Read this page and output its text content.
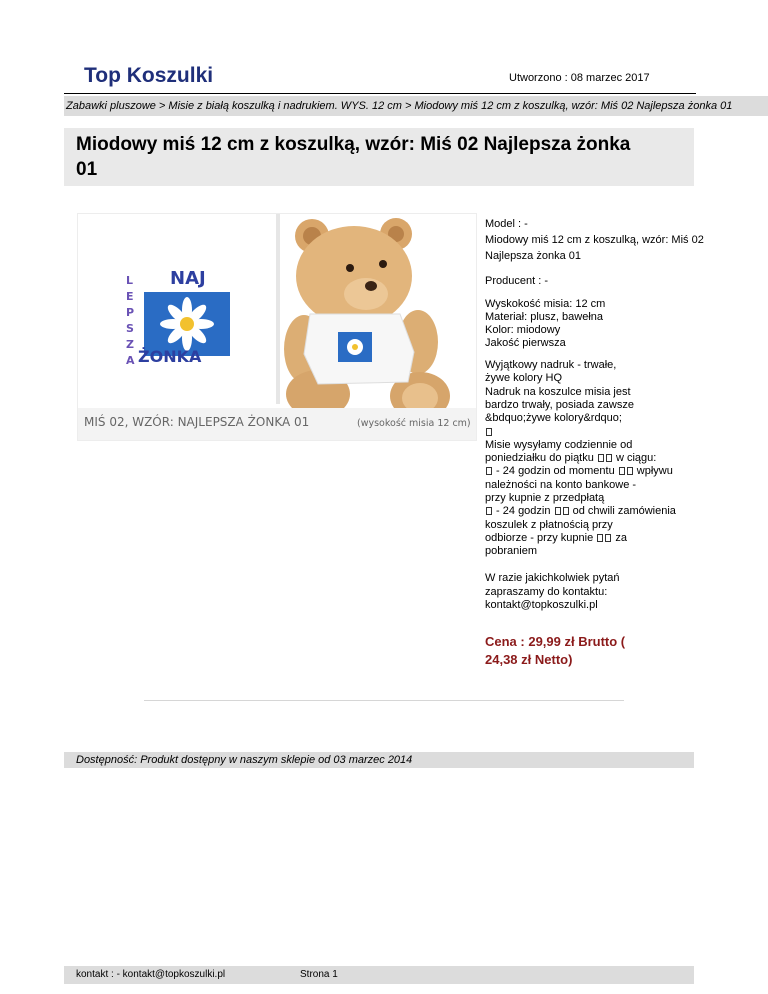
Top Koszulki	Utworzono : 08 marzec 2017
Zabawki pluszowe > Misie z białą koszulką i nadrukiem. WYS. 12 cm > Miodowy miś 12 cm z koszulką, wzór: Miś 02 Najlepsza żonka 01
Miodowy miś 12 cm z koszulką, wzór: Miś 02 Najlepsza żonka 01
L
E
P
S
Z
A
NAJ
ŻONKA
MIŚ 02, WZÓR: NAJLEPSZA ŻONKA 01	(wysokość misia 12 cm)

Model : -
Miodowy miś 12 cm z koszulką, wzór: Miś 02
Najlepsza żonka 01

Producent : -

Wyskokość misia: 12 cm
Materiał: plusz, bawełna
Kolor: miodowy
Jakość pierwsza

Wyjątkowy nadruk - trwałe,
żywe kolory HQ
Nadruk na koszulce misia jest
bardzo trwały, posiada zawsze
&bdquo;żywe kolory&rdquo;
Misie wysyłamy codziennie od
poniedziałku do piątku  w ciągu:
- 24 godzin od momentu  wpływu
należności na konto bankowe -
przy kupnie z przedpłatą
- 24 godzin  od chwili zamówienia
koszulek z płatnością przy
odbiorze - przy kupnie  za
pobraniem

W razie jakichkolwiek pytań
zapraszamy do kontaktu:
kontakt@topkoszulki.pl

Cena : 29,99 zł Brutto (
24,38 zł Netto)
Dostępność: Produkt dostępny w naszym sklepie od 03 marzec 2014
kontakt : - kontakt@topkoszulki.pl	Strona 1
